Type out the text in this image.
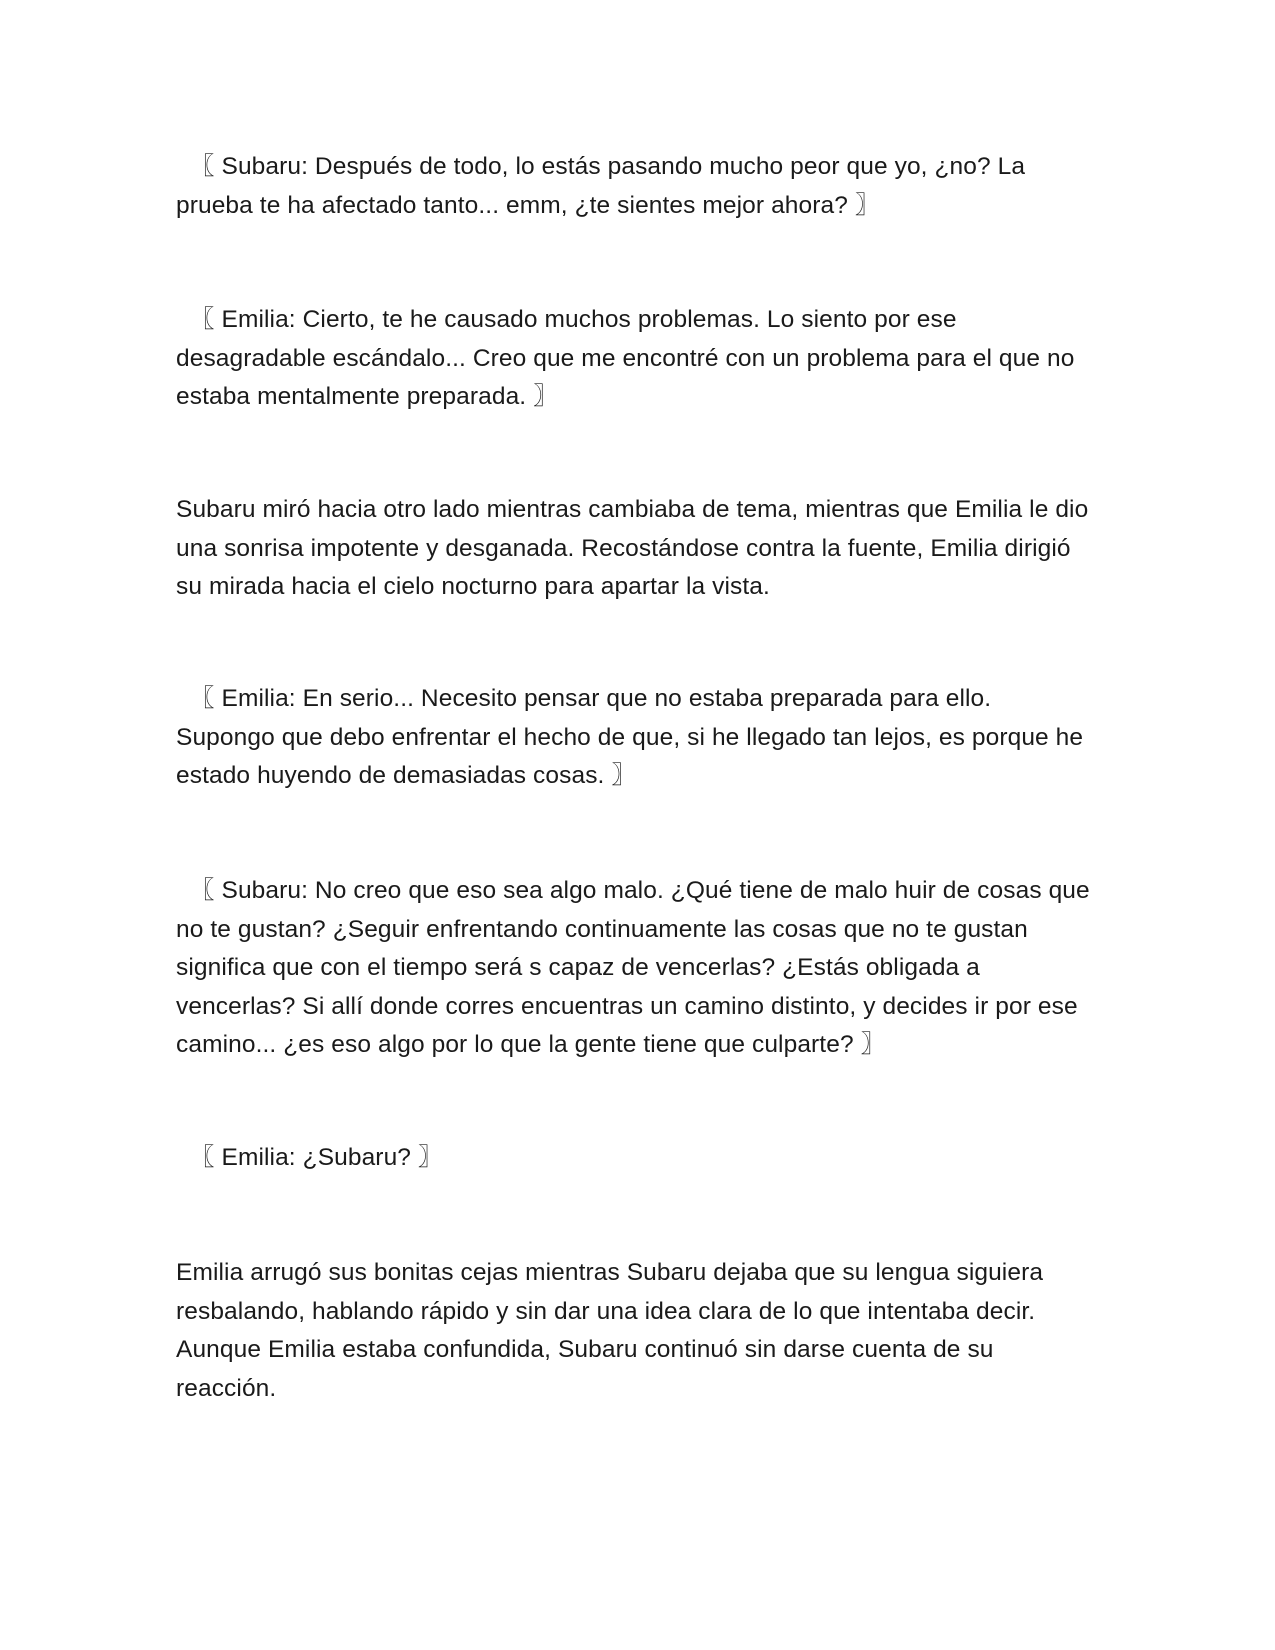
〖 Subaru: Después de todo, lo estás pasando mucho peor que yo, ¿no? La prueba te ha afectado tanto... emm, ¿te sientes mejor ahora? 〗

〖 Emilia: Cierto, te he causado muchos problemas. Lo siento por ese desagradable escándalo... Creo que me encontré con un problema para el que no estaba mentalmente preparada. 〗

Subaru miró hacia otro lado mientras cambiaba de tema, mientras que Emilia le dio una sonrisa impotente y desganada. Recostándose contra la fuente, Emilia dirigió su mirada hacia el cielo nocturno para apartar la vista.

〖 Emilia: En serio... Necesito pensar que no estaba preparada para ello. Supongo que debo enfrentar el hecho de que, si he llegado tan lejos, es porque he estado huyendo de demasiadas cosas. 〗

〖 Subaru: No creo que eso sea algo malo. ¿Qué tiene de malo huir de cosas que no te gustan? ¿Seguir enfrentando continuamente las cosas que no te gustan significa que con el tiempo será s capaz de vencerlas? ¿Estás obligada a vencerlas? Si allí donde corres encuentras un camino distinto, y decides ir por ese camino... ¿es eso algo por lo que la gente tiene que culparte? 〗

〖 Emilia: ¿Subaru? 〗

Emilia arrugó sus bonitas cejas mientras Subaru dejaba que su lengua siguiera resbalando, hablando rápido y sin dar una idea clara de lo que intentaba decir. Aunque Emilia estaba confundida, Subaru continuó sin darse cuenta de su reacción.
